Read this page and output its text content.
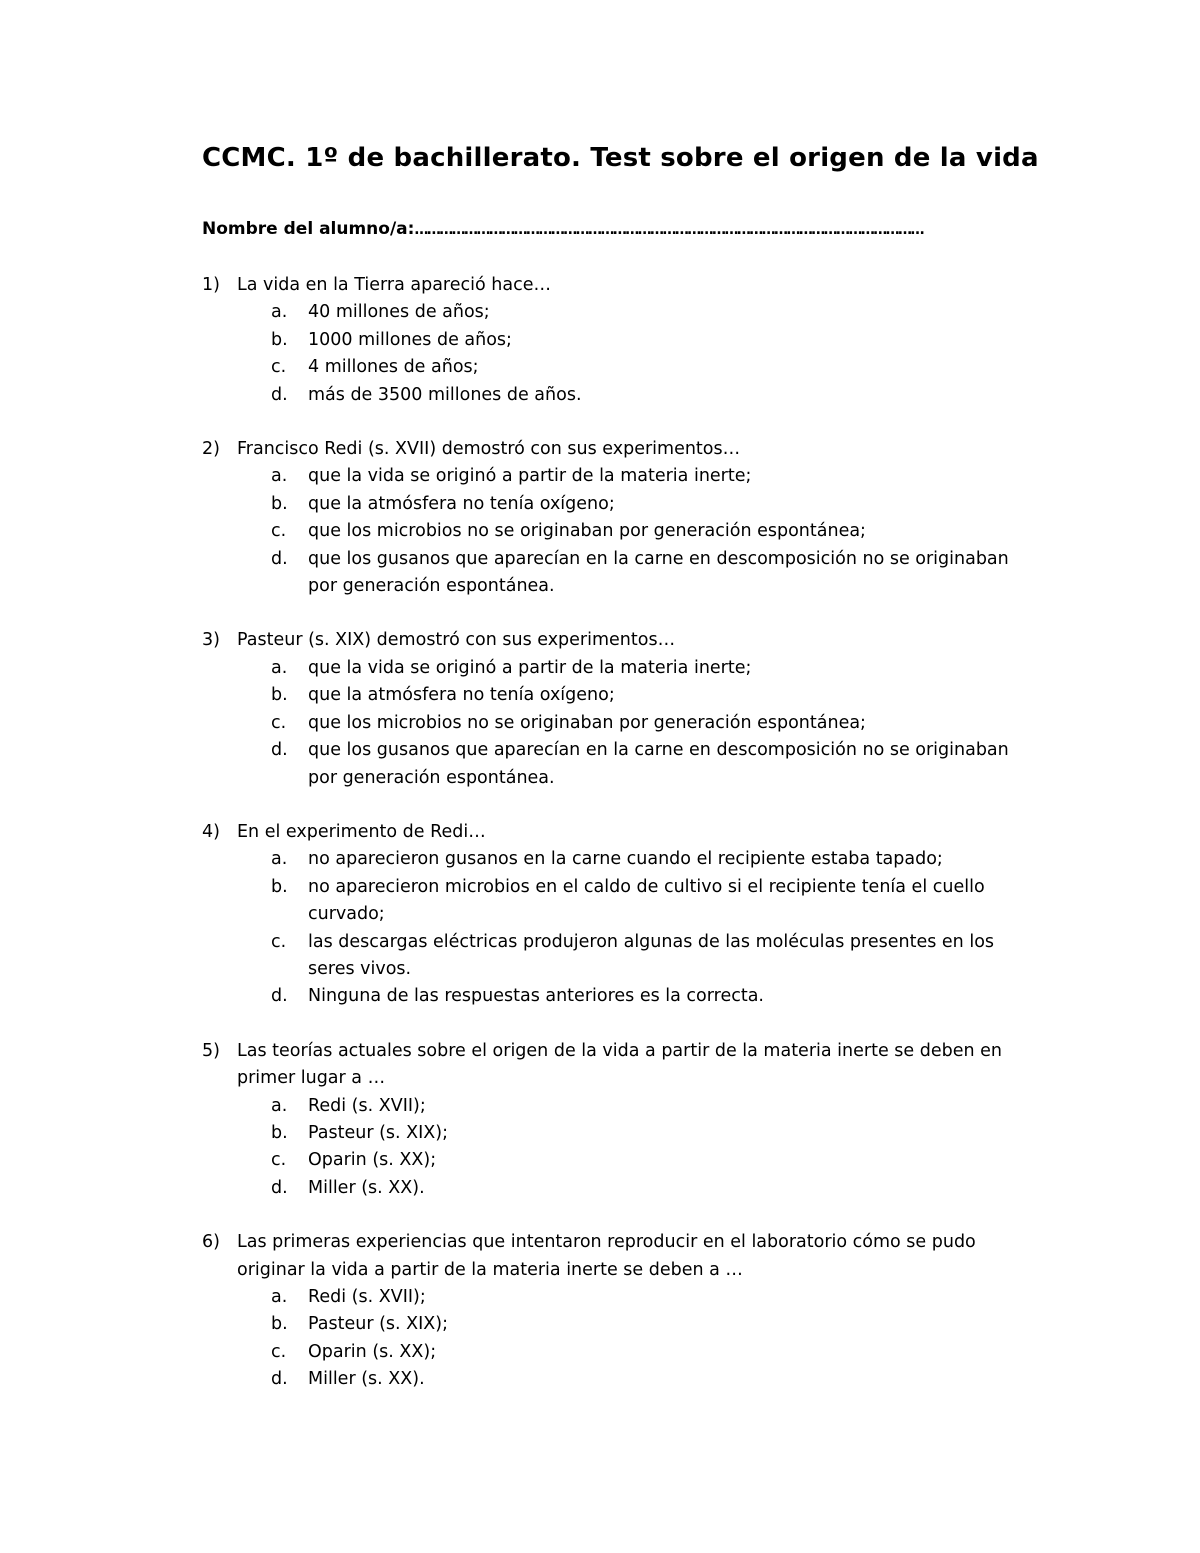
CCMC. 1º de bachillerato. Test sobre el origen de la vida
Nombre del alumno/a:……………………………………………………………………………………………………………
1) La vida en la Tierra apareció hace…
a.	40 millones de años;
b.	1000 millones de años;
c.	4 millones de años;
d.	más de 3500 millones de años.
2) Francisco Redi (s. XVII) demostró con sus experimentos…
a.	que la vida se originó a partir de la materia inerte;
b.	que la atmósfera no tenía oxígeno;
c.	que los microbios no se originaban por generación espontánea;
d.	que los gusanos que aparecían en la carne en descomposición no se originaban por generación espontánea.
3) Pasteur (s. XIX) demostró con sus experimentos…
a.	que la vida se originó a partir de la materia inerte;
b.	que la atmósfera no tenía oxígeno;
c.	que los microbios no se originaban por generación espontánea;
d.	que los gusanos que aparecían en la carne en descomposición no se originaban por generación espontánea.
4) En el experimento de Redi…
a.	no aparecieron gusanos en la carne cuando el recipiente estaba tapado;
b.	no aparecieron microbios en el caldo de cultivo si el recipiente tenía el cuello curvado;
c.	las descargas eléctricas produjeron algunas de las moléculas presentes en los seres vivos.
d.	Ninguna de las respuestas anteriores es la correcta.
5) Las teorías actuales sobre el origen de la vida a partir de la materia inerte se deben en primer lugar a …
a.	Redi (s. XVII);
b.	Pasteur (s. XIX);
c.	Oparin (s. XX);
d.	Miller (s. XX).
6) Las primeras experiencias que intentaron reproducir en el laboratorio cómo se pudo originar la vida a partir de la materia inerte se deben a …
a.	Redi (s. XVII);
b.	Pasteur (s. XIX);
c.	Oparin (s. XX);
d.	Miller (s. XX).
